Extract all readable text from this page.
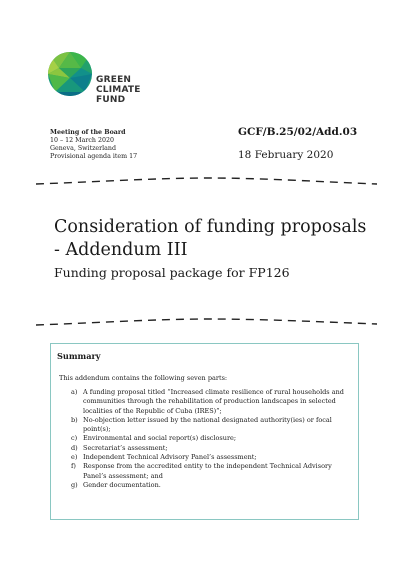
GREEN
CLIMATE
FUND
Meeting of the Board
10 – 12 March 2020
Geneva, Switzerland
Provisional agenda item 17
GCF/B.25/02/Add.03
18 February 2020
Consideration of funding proposals - Addendum III
Funding proposal package for FP126
Summary
This addendum contains the following seven parts:
a) A funding proposal titled “Increased climate resilience of rural households and communities through the rehabilitation of production landscapes in selected localities of the Republic of Cuba (IRES)”;
b) No-objection letter issued by the national designated authority(ies) or focal point(s);
c) Environmental and social report(s) disclosure;
d) Secretariat’s assessment;
e) Independent Technical Advisory Panel’s assessment;
f) Response from the accredited entity to the independent Technical Advisory Panel’s assessment; and
g) Gender documentation.
